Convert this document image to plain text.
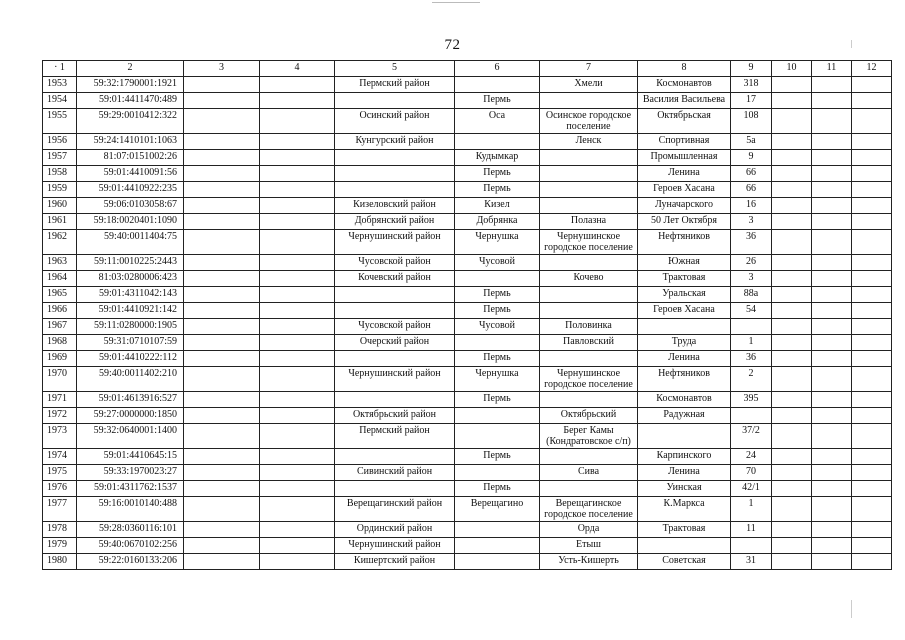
72
· 1	2	3	4	5	6	7	8	9	10	11	12
1953	59:32:1790001:1921			Пермский район		Хмели	Космонавтов	318			
1954	59:01:4411470:489				Пермь		Василия Васильева	17			
1955	59:29:0010412:322			Осинский район	Оса	Осинское городское поселение	Октябрьская	108			
1956	59:24:1410101:1063			Кунгурский район		Ленск	Спортивная	5а			
1957	81:07:0151002:26				Кудымкар		Промышленная	9			
1958	59:01:4410091:56				Пермь		Ленина	66			
1959	59:01:4410922:235				Пермь		Героев Хасана	66			
1960	59:06:0103058:67			Кизеловский район	Кизел		Луначарского	16			
1961	59:18:0020401:1090			Добрянский район	Добрянка	Полазна	50 Лет Октября	3			
1962	59:40:0011404:75			Чернушинский район	Чернушка	Чернушинское городское поселение	Нефтяников	36			
1963	59:11:0010225:2443			Чусовской район	Чусовой		Южная	26			
1964	81:03:0280006:423			Кочевский район		Кочево	Трактовая	3			
1965	59:01:4311042:143				Пермь		Уральская	88а			
1966	59:01:4410921:142				Пермь		Героев Хасана	54			
1967	59:11:0280000:1905			Чусовской район	Чусовой	Половинка					
1968	59:31:0710107:59			Очерский район		Павловский	Труда	1			
1969	59:01:4410222:112				Пермь		Ленина	36			
1970	59:40:0011402:210			Чернушинский район	Чернушка	Чернушинское городское поселение	Нефтяников	2			
1971	59:01:4613916:527				Пермь		Космонавтов	395			
1972	59:27:0000000:1850			Октябрьский район		Октябрьский	Радужная				
1973	59:32:0640001:1400			Пермский район		Берег Камы (Кондратовское с/п)		37/2			
1974	59:01:4410645:15				Пермь		Карпинского	24			
1975	59:33:1970023:27			Сивинский район		Сива	Ленина	70			
1976	59:01:4311762:1537				Пермь		Уинская	42/1			
1977	59:16:0010140:488			Верещагинский район	Верещагино	Верещагинское городское поселение	К.Маркса	1			
1978	59:28:0360116:101			Ординский район		Орда	Трактовая	11			
1979	59:40:0670102:256			Чернушинский район		Етыш					
1980	59:22:0160133:206			Кишертский район		Усть-Кишерть	Советская	31			
